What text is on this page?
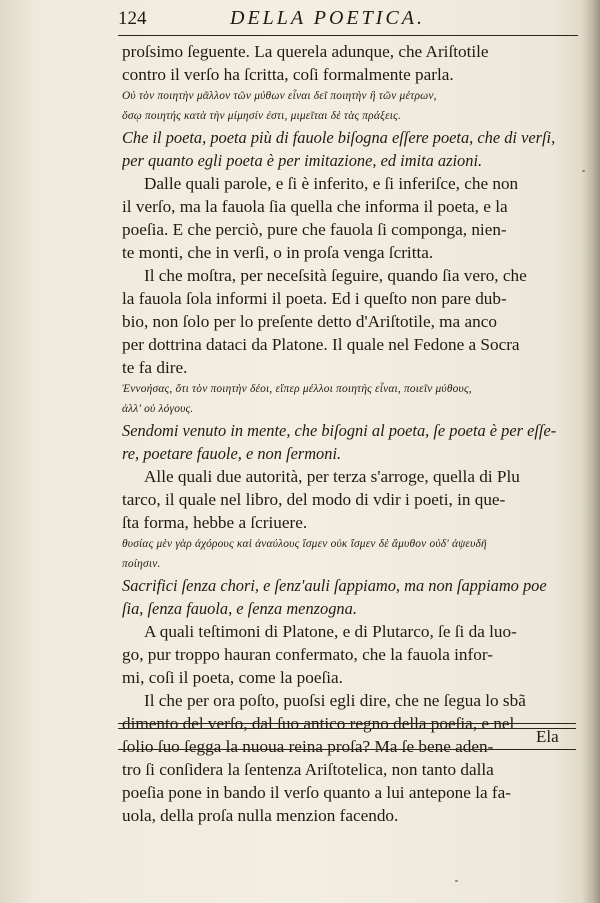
124	DELLA POETICA.
proſsimo ſeguente. La querela adunque, che Ariſtotile
contro il verſo ha ſcritta, coſi formalmente parla.
Οὐ τὸν ποιητὴν μᾶλλον τῶν μύθων εἶναι δεῖ ποιητὴν ἢ τῶν μέτρων,
ὅσῳ ποιητής κατὰ τὴν μίμησίν ἐστι, μιμεῖται δὲ τὰς πράξεις.
Che il poeta, poeta più di fauole biſogna eſſere poeta, che di verſi,
per quanto egli poeta è per imitazione, ed imita azioni.
Dalle quali parole, e ſi è inferito, e ſi inferiſce, che non
il verſo, ma la fauola ſia quella che informa il poeta, e la
poeſia. E che perciò, pure che fauola ſi componga, nien-
te monti, che in verſi, o in proſa venga ſcritta.
Il che moſtra, per neceſsità ſeguire, quando ſia vero, che
la fauola ſola informi il poeta. Ed i queſto non pare dub-
bio, non ſolo per lo preſente detto d'Ariſtotile, ma anco
per dottrina dataci da Platone. Il quale nel Fedone a Socra
te fa dire.
Ἐννοήσας, ὅτι τὸν ποιητὴν δέοι, εἴπερ μέλλοι ποιητὴς εἶναι, ποιεῖν μύθους,
ἀλλ' οὐ λόγους.
Sendomi venuto in mente, che biſogni al poeta, ſe poeta è per eſſe-
re, poetare fauole, e non ſermoni.
Alle quali due autorità, per terza s'arroge, quella di Plu
tarco, il quale nel libro, del modo di vdir i poeti, in que-
ſta forma, hebbe a ſcriuere.
θυσίας μὲν γὰρ ἀχόρους καὶ ἀναύλους ἴσμεν οὐκ ἴσμεν δὲ ἄμυθον οὐδ' ἀψευδῆ
ποίησιν.
Sacrifici ſenza chori, e ſenz'auli ſappiamo, ma non ſappiamo poe
ſia, ſenza fauola, e ſenza menzogna.
A quali teſtimoni di Platone, e di Plutarco, ſe ſi da luo-
go, pur troppo hauran confermato, che la fauola infor-
mi, coſi il poeta, come la poeſia.
Il che per ora poſto, puoſsi egli dire, che ne ſegua lo sbã
dimento del verſo, dal ſuo antico regno della poeſia, e nel
ſolio ſuo ſegga la nuoua reina proſa? Ma ſe bene aden-
tro ſi conſidera la ſentenza Ariſtotelica, non tanto dalla
poeſia pone in bando il verſo quanto a lui antepone la fa-
uola, della proſa nulla menzion facendo.
Ela
